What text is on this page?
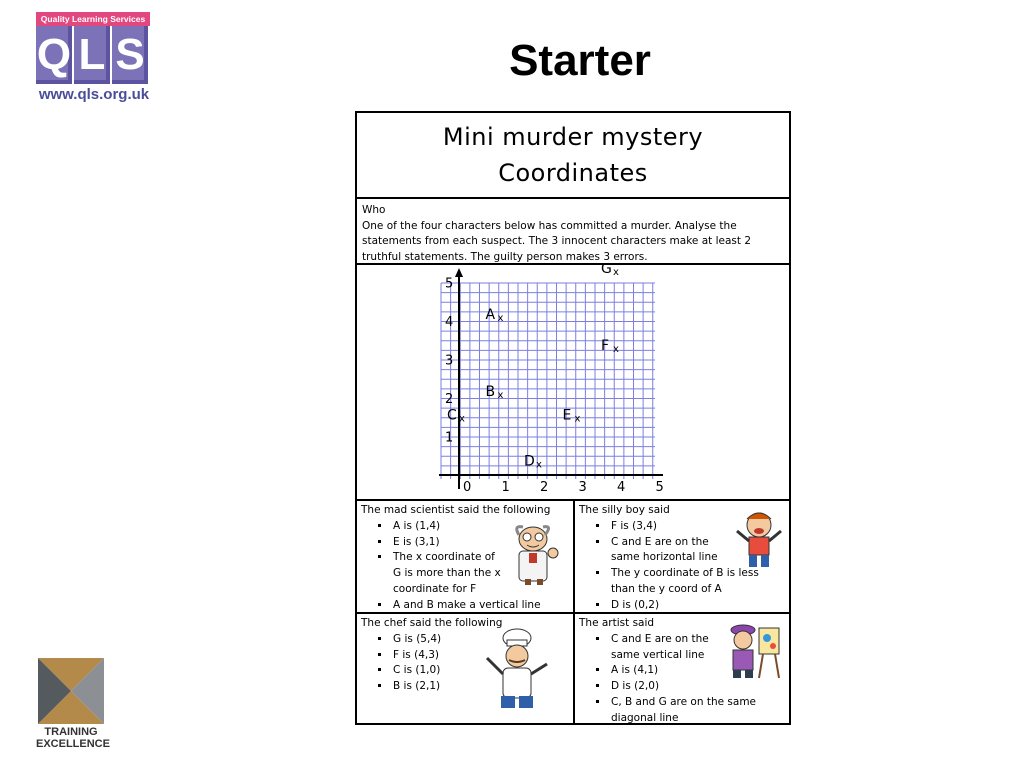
Quality Learning Services
Q L S
www.qls.org.uk
Starter
Mini murder mystery
Coordinates
Who
One of the four characters below has committed a murder. Analyse the statements from each suspect. The 3 innocent characters make at least 2 truthful statements. The guilty person makes 3 errors.
0 1 2 3 4 5
1
2
3
4
5
x
A
x
B
x
C
x
D
x
E
x
F
x
G
The mad scientist said the following
▪ A is (1,4)
▪ E is (3,1)
▪ The x coordinate of G is more than the x coordinate for F
▪ A and B make a vertical line
The silly boy said
▪ F is (3,4)
▪ C and E are on the same horizontal line
▪ The y coordinate of B is less than the y coord of A
▪ D is (0,2)
The chef said the following
▪ G is (5,4)
▪ F is (4,3)
▪ C is (1,0)
▪ B is (2,1)
The artist said
▪ C and E are on the same vertical line
▪ A is (4,1)
▪ D is (2,0)
▪ C, B and G are on the same diagonal line
TRAINING
EXCELLENCE
